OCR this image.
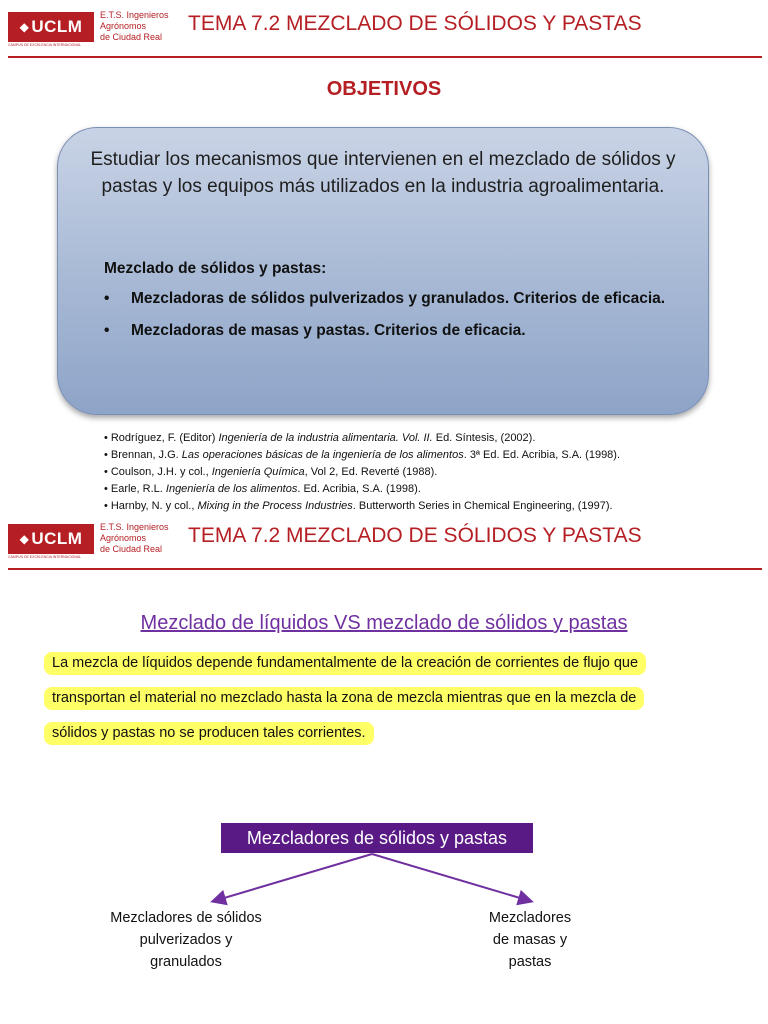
◆ UCLM
CAMPUS DE EXCELENCIA INTERNACIONAL
E.T.S. Ingenieros
Agrónomos
de Ciudad Real
TEMA 7.2 MEZCLADO DE SÓLIDOS Y PASTAS
OBJETIVOS
Estudiar los mecanismos que intervienen en el mezclado de sólidos y pastas y los equipos más utilizados en la industria agroalimentaria.
Mezclado de sólidos y pastas:
• Mezcladoras de sólidos pulverizados y granulados. Criterios de eficacia.
• Mezcladoras de masas y pastas. Criterios de eficacia.
• Rodríguez, F. (Editor) Ingeniería de la industria alimentaria. Vol. II. Ed. Síntesis, (2002).
• Brennan, J.G. Las operaciones básicas de la ingeniería de los alimentos. 3ª Ed. Ed. Acribia, S.A. (1998).
• Coulson, J.H. y col., Ingeniería Química, Vol 2, Ed. Reverté (1988).
• Earle, R.L. Ingeniería de los alimentos. Ed. Acribia, S.A. (1998).
• Harnby, N. y col., Mixing in the Process Industries. Butterworth Series in Chemical Engineering, (1997).
◆ UCLM
CAMPUS DE EXCELENCIA INTERNACIONAL
E.T.S. Ingenieros
Agrónomos
de Ciudad Real
TEMA 7.2 MEZCLADO DE SÓLIDOS Y PASTAS
Mezclado de líquidos VS mezclado de sólidos y pastas
La mezcla de líquidos depende fundamentalmente de la creación de corrientes de flujo que
transportan el material no mezclado hasta la zona de mezcla mientras que en la mezcla de
sólidos y pastas no se producen tales corrientes.
Mezcladores de sólidos y pastas
Mezcladores de sólidos
pulverizados y
granulados
Mezcladores
de masas y
pastas
